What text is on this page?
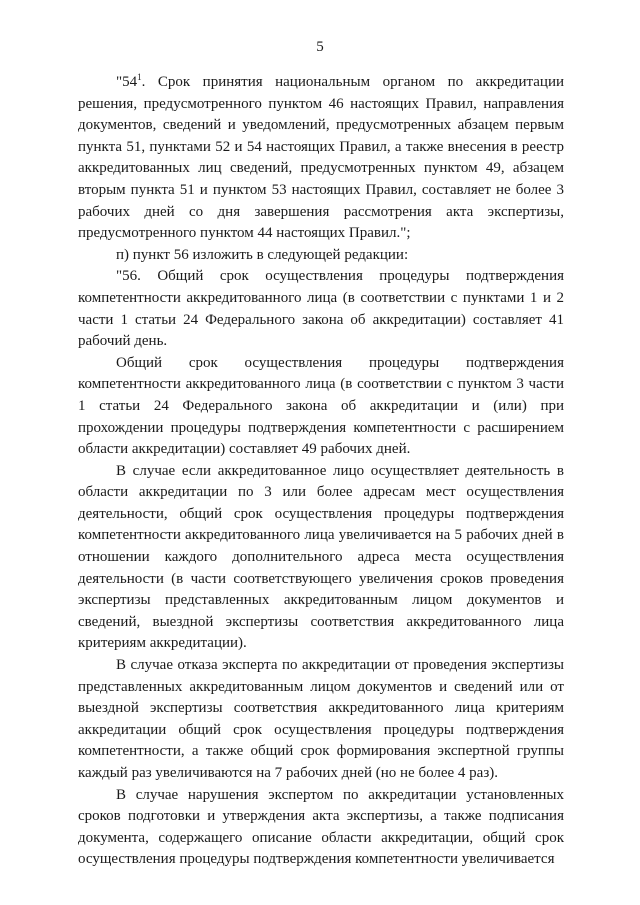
5

"$54^1$. Срок принятия национальным органом по аккредитации решения, предусмотренного пунктом 46 настоящих Правил, направления документов, сведений и уведомлений, предусмотренных абзацем первым пункта 51, пунктами 52 и 54 настоящих Правил, а также внесения в реестр аккредитованных лиц сведений, предусмотренных пунктом 49, абзацем вторым пункта 51 и пунктом 53 настоящих Правил, составляет не более 3 рабочих дней со дня завершения рассмотрения акта экспертизы, предусмотренного пунктом 44 настоящих Правил.";

п) пункт 56 изложить в следующей редакции:

"56. Общий срок осуществления процедуры подтверждения компетентности аккредитованного лица (в соответствии с пунктами 1 и 2 части 1 статьи 24 Федерального закона об аккредитации) составляет 41 рабочий день.

Общий срок осуществления процедуры подтверждения компетентности аккредитованного лица (в соответствии с пунктом 3 части 1 статьи 24 Федерального закона об аккредитации и (или) при прохождении процедуры подтверждения компетентности с расширением области аккредитации) составляет 49 рабочих дней.

В случае если аккредитованное лицо осуществляет деятельность в области аккредитации по 3 или более адресам мест осуществления деятельности, общий срок осуществления процедуры подтверждения компетентности аккредитованного лица увеличивается на 5 рабочих дней в отношении каждого дополнительного адреса места осуществления деятельности (в части соответствующего увеличения сроков проведения экспертизы представленных аккредитованным лицом документов и сведений, выездной экспертизы соответствия аккредитованного лица критериям аккредитации).

В случае отказа эксперта по аккредитации от проведения экспертизы представленных аккредитованным лицом документов и сведений или от выездной экспертизы соответствия аккредитованного лица критериям аккредитации общий срок осуществления процедуры подтверждения компетентности, а также общий срок формирования экспертной группы каждый раз увеличиваются на 7 рабочих дней (но не более 4 раз).

В случае нарушения экспертом по аккредитации установленных сроков подготовки и утверждения акта экспертизы, а также подписания документа, содержащего описание области аккредитации, общий срок осуществления процедуры подтверждения компетентности увеличивается
